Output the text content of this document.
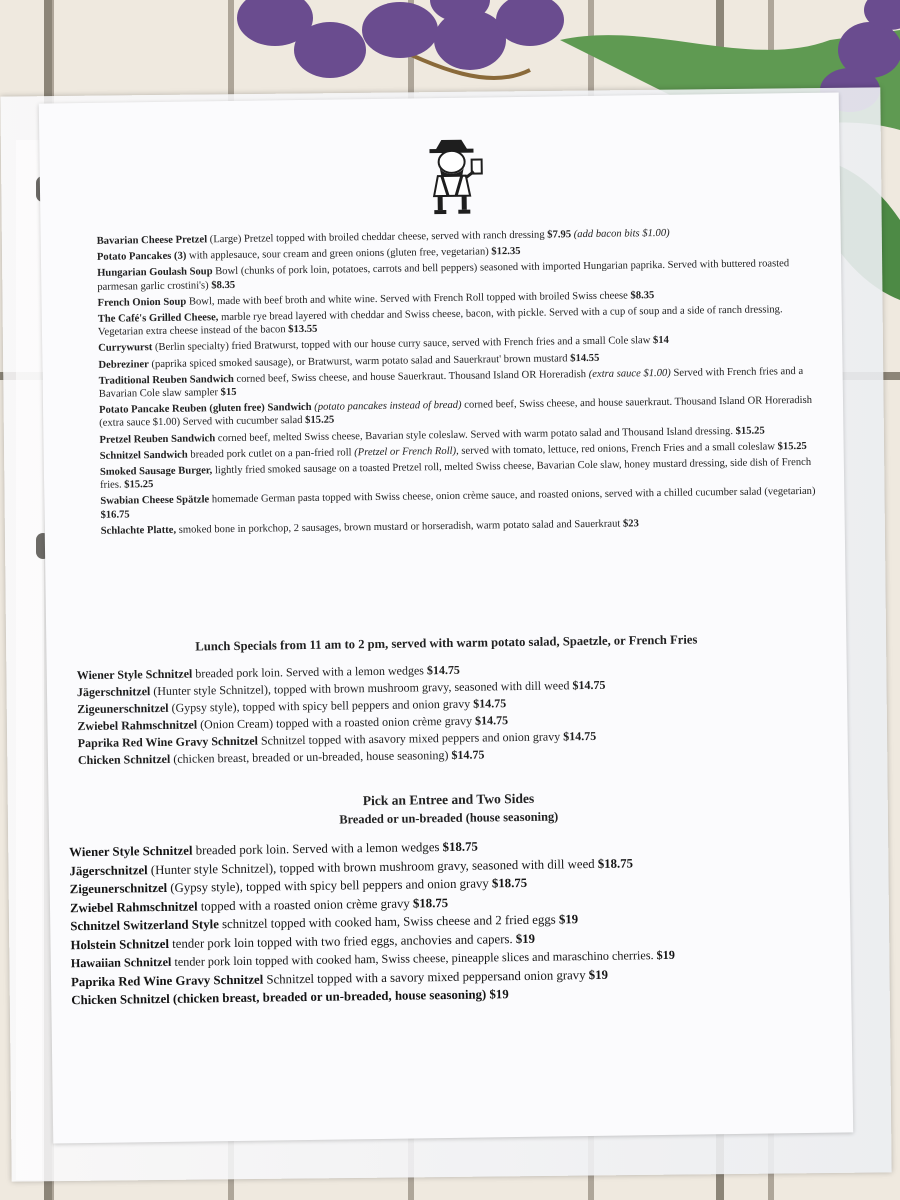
Bavarian Cheese Pretzel (Large) Pretzel topped with broiled cheddar cheese, served with ranch dressing $7.95 (add bacon bits $1.00)
Potato Pancakes (3) with applesauce, sour cream and green onions (gluten free, vegetarian) $12.35
Hungarian Goulash Soup Bowl (chunks of pork loin, potatoes, carrots and bell peppers) seasoned with imported Hungarian paprika. Served with buttered roasted parmesan garlic crostini's) $8.35
French Onion Soup Bowl, made with beef broth and white wine. Served with French Roll topped with broiled Swiss cheese $8.35
The Café's Grilled Cheese, marble rye bread layered with cheddar and Swiss cheese, bacon, with pickle. Served with a cup of soup and a side of ranch dressing. Vegetarian extra cheese instead of the bacon $13.55
Currywurst (Berlin specialty) fried Bratwurst, topped with our house curry sauce, served with French fries and a small Cole slaw $14
Debreziner (paprika spiced smoked sausage), or Bratwurst, warm potato salad and Sauerkraut' brown mustard $14.55
Traditional Reuben Sandwich corned beef, Swiss cheese, and house Sauerkraut. Thousand Island OR Horeradish (extra sauce $1.00) Served with French fries and a Bavarian Cole slaw sampler $15
Potato Pancake Reuben (gluten free) Sandwich (potato pancakes instead of bread) corned beef, Swiss cheese, and house sauerkraut. Thousand Island OR Horeradish (extra sauce $1.00) Served with cucumber salad $15.25
Pretzel Reuben Sandwich corned beef, melted Swiss cheese, Bavarian style coleslaw. Served with warm potato salad and Thousand Island dressing. $15.25
Schnitzel Sandwich breaded pork cutlet on a pan-fried roll (Pretzel or French Roll), served with tomato, lettuce, red onions, French Fries and a small coleslaw $15.25
Smoked Sausage Burger, lightly fried smoked sausage on a toasted Pretzel roll, melted Swiss cheese, Bavarian Cole slaw, honey mustard dressing, side dish of French fries. $15.25
Swabian Cheese Spätzle homemade German pasta topped with Swiss cheese, onion crème sauce, and roasted onions, served with a chilled cucumber salad (vegetarian) $16.75
Schlachte Platte, smoked bone in porkchop, 2 sausages, brown mustard or horseradish, warm potato salad and Sauerkraut $23
Lunch Specials from 11 am to 2 pm, served with warm potato salad, Spaetzle, or French Fries
Wiener Style Schnitzel breaded pork loin. Served with a lemon wedges $14.75
Jägerschnitzel (Hunter style Schnitzel), topped with brown mushroom gravy, seasoned with dill weed $14.75
Zigeunerschnitzel (Gypsy style), topped with spicy bell peppers and onion gravy $14.75
Zwiebel Rahmschnitzel (Onion Cream) topped with a roasted onion crème gravy $14.75
Paprika Red Wine Gravy Schnitzel Schnitzel topped with asavory mixed peppers and onion gravy $14.75
Chicken Schnitzel (chicken breast, breaded or un-breaded, house seasoning) $14.75
Pick an Entree and Two Sides
Breaded or un-breaded (house seasoning)
Wiener Style Schnitzel breaded pork loin. Served with a lemon wedges $18.75
Jägerschnitzel (Hunter style Schnitzel), topped with brown mushroom gravy, seasoned with dill weed $18.75
Zigeunerschnitzel (Gypsy style), topped with spicy bell peppers and onion gravy $18.75
Zwiebel Rahmschnitzel topped with a roasted onion crème gravy $18.75
Schnitzel Switzerland Style schnitzel topped with cooked ham, Swiss cheese and 2 fried eggs $19
Holstein Schnitzel tender pork loin topped with two fried eggs, anchovies and capers. $19
Hawaiian Schnitzel tender pork loin topped with cooked ham, Swiss cheese, pineapple slices and maraschino cherries. $19
Paprika Red Wine Gravy Schnitzel Schnitzel topped with a savory mixed peppersand onion gravy $19
Chicken Schnitzel (chicken breast, breaded or un-breaded, house seasoning) $19
